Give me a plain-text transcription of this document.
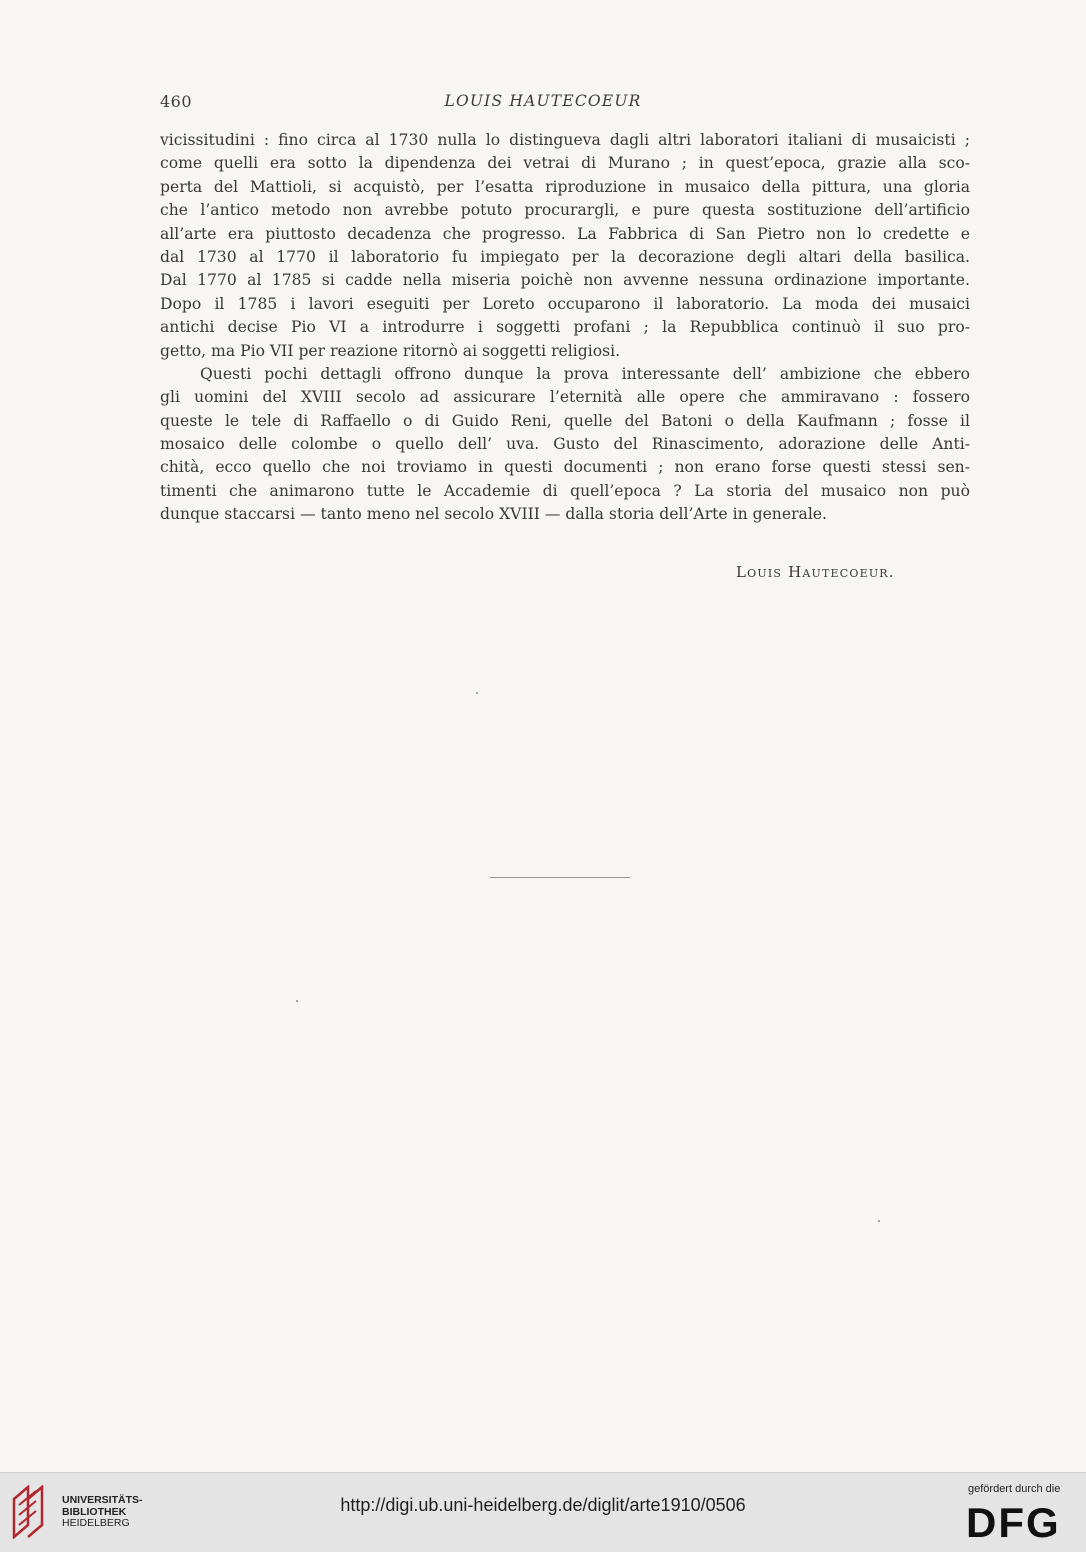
460	LOUIS HAUTECOEUR
vicissitudini : fino circa al 1730 nulla lo distingueva dagli altri laboratori italiani di musaicisti ;
come quelli era sotto la dipendenza dei vetrai di Murano ; in quest’epoca, grazie alla sco-
perta del Mattioli, si acquistò, per l’esatta riproduzione in musaico della pittura, una gloria
che l’antico metodo non avrebbe potuto procurargli, e pure questa sostituzione dell’artificio
all’arte era piuttosto decadenza che progresso. La Fabbrica di San Pietro non lo credette e
dal 1730 al 1770 il laboratorio fu impiegato per la decorazione degli altari della basilica.
Dal 1770 al 1785 si cadde nella miseria poichè non avvenne nessuna ordinazione importante.
Dopo il 1785 i lavori eseguiti per Loreto occuparono il laboratorio. La moda dei musaici
antichi decise Pio VI a introdurre i soggetti profani ; la Repubblica continuò il suo pro-
getto, ma Pio VII per reazione ritornò ai soggetti religiosi.
Questi pochi dettagli offrono dunque la prova interessante dell’ ambizione che ebbero
gli uomini del XVIII secolo ad assicurare l’eternità alle opere che ammiravano : fossero
queste le tele di Raffaello o di Guido Reni, quelle del Batoni o della Kaufmann ; fosse il
mosaico delle colombe o quello dell’ uva. Gusto del Rinascimento, adorazione delle Anti-
chità, ecco quello che noi troviamo in questi documenti ; non erano forse questi stessi sen-
timenti che animarono tutte le Accademie di quell’epoca ? La storia del musaico non può
dunque staccarsi — tanto meno nel secolo XVIII — dalla storia dell’Arte in generale.
Louis Hautecoeur.
UNIVERSITÄTS-
BIBLIOTHEK
HEIDELBERG
http://digi.ub.uni-heidelberg.de/diglit/arte1910/0506
gefördert durch die
DFG
